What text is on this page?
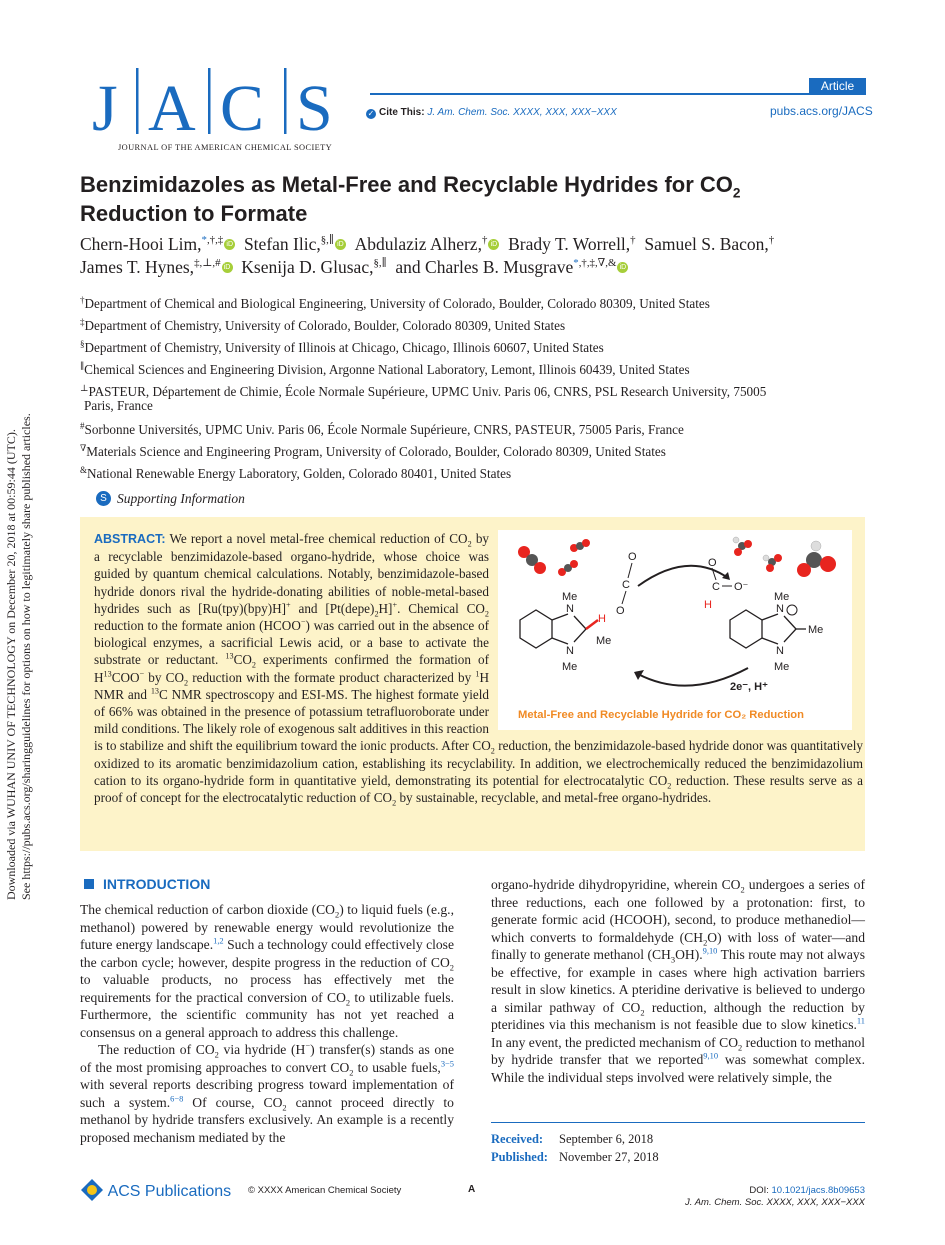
Downloaded via WUHAN UNIV OF TECHNOLOGY on December 20, 2018 at 00:59:44 (UTC). See https://pubs.acs.org/sharingguidelines for options on how to legitimately share published articles.
J A C S
JOURNAL OF THE AMERICAN CHEMICAL SOCIETY
Article
✓ Cite This: J. Am. Chem. Soc. XXXX, XXX, XXX−XXX	pubs.acs.org/JACS
Benzimidazoles as Metal-Free and Recyclable Hydrides for $CO_2$
Reduction to Formate
Chern-Hooi Lim,*,†,‡ iD Stefan Ilic,§,∥ iD Abdulaziz Alherz,† iD Brady T. Worrell,† Samuel S. Bacon,†
James T. Hynes,‡,⊥,# iD Ksenija D. Glusac,§,∥ and Charles B. Musgrave*,†,‡,∇,& iD
†Department of Chemical and Biological Engineering, University of Colorado, Boulder, Colorado 80309, United States
‡Department of Chemistry, University of Colorado, Boulder, Colorado 80309, United States
§Department of Chemistry, University of Illinois at Chicago, Chicago, Illinois 60607, United States
∥Chemical Sciences and Engineering Division, Argonne National Laboratory, Lemont, Illinois 60439, United States
⊥PASTEUR, Département de Chimie, École Normale Supérieure, UPMC Univ. Paris 06, CNRS, PSL Research University, 75005
Paris, France
#Sorbonne Universités, UPMC Univ. Paris 06, École Normale Supérieure, CNRS, PASTEUR, 75005 Paris, France
∇Materials Science and Engineering Program, University of Colorado, Boulder, Colorado 80309, United States
&National Renewable Energy Laboratory, Golden, Colorado 80401, United States
S Supporting Information
O
C
O
O
C O⁻
H
N
N
Me
Me
H
Me
N
N
Me
Me
Me
2e⁻, H⁺
Metal-Free and Recyclable Hydride for CO₂ Reduction
ABSTRACT: We report a novel metal-free chemical reduction of $CO_2$ by a recyclable benzimidazole-based organo-hydride, whose choice was guided by quantum chemical calculations. Notably, benzimidazole-based hydride donors rival the hydride-donating abilities of noble-metal-based hydrides such as [Ru(tpy)(bpy)H]+ and $[Pt(depe)_2H]^+$. Chemical $CO_2$ reduction to the formate anion (HCOO−) was carried out in the absence of biological enzymes, a sacrificial Lewis acid, or a base to activate the substrate or reductant. $^{13}CO_2$ experiments confirmed the formation of $H^{13}COO^-$ by $CO_2$ reduction with the formate product characterized by $^1$H NMR and $^{13}$C NMR spectroscopy and ESI-MS. The highest formate yield of 66% was obtained in the presence of potassium tetrafluoroborate under mild conditions. The likely role of exogenous salt additives in this reaction is to stabilize and shift the equilibrium toward the ionic products. After $CO_2$ reduction, the benzimidazole-based hydride donor was quantitatively oxidized to its aromatic benzimidazolium cation, establishing its recyclability. In addition, we electrochemically reduced the benzimidazolium cation to its organo-hydride form in quantitative yield, demonstrating its potential for electrocatalytic $CO_2$ reduction. These results serve as a proof of concept for the electrocatalytic reduction of $CO_2$ by sustainable, recyclable, and metal-free organo-hydrides.
INTRODUCTION

The chemical reduction of carbon dioxide $(CO_2)$ to liquid fuels (e.g., methanol) powered by renewable energy would revolutionize the future energy landscape.$^{1,2}$ Such a technology could effectively close the carbon cycle; however, despite progress in the reduction of $CO_2$ to valuable products, no process has effectively met the requirements for the practical conversion of $CO_2$ to utilizable fuels. Furthermore, the scientific community has not yet reached a consensus on a general approach to address this challenge.

The reduction of $CO_2$ via hydride (H−) transfer(s) stands as one of the most promising approaches to convert $CO_2$ to usable fuels,$^{3-5}$ with several reports describing progress toward implementation of such a system.$^{6-8}$ Of course, $CO_2$ cannot proceed directly to methanol by hydride transfers exclusively. An example is a recently proposed mechanism mediated by the

organo-hydride dihydropyridine, wherein $CO_2$ undergoes a series of three reductions, each one followed by a protonation: first, to generate formic acid (HCOOH), second, to produce methanediol—which converts to formaldehyde $(CH_2O)$ with loss of water—and finally to generate methanol $(CH_3OH).^{9,10}$ This route may not always be effective, for example in cases where high activation barriers result in slow kinetics. A pteridine derivative is believed to undergo a similar pathway of $CO_2$ reduction, although the reduction by pteridines via this mechanism is not feasible due to slow kinetics.$^{11}$ In any event, the predicted mechanism of $CO_2$ reduction to methanol by hydride transfer that we reported$^{9,10}$ was somewhat complex. While the individual steps involved were relatively simple, the

Received: September 6, 2018
Published: November 27, 2018
ACS Publications © XXXX American Chemical Society	A	DOI: 10.1021/jacs.8b09653
J. Am. Chem. Soc. XXXX, XXX, XXX−XXX
